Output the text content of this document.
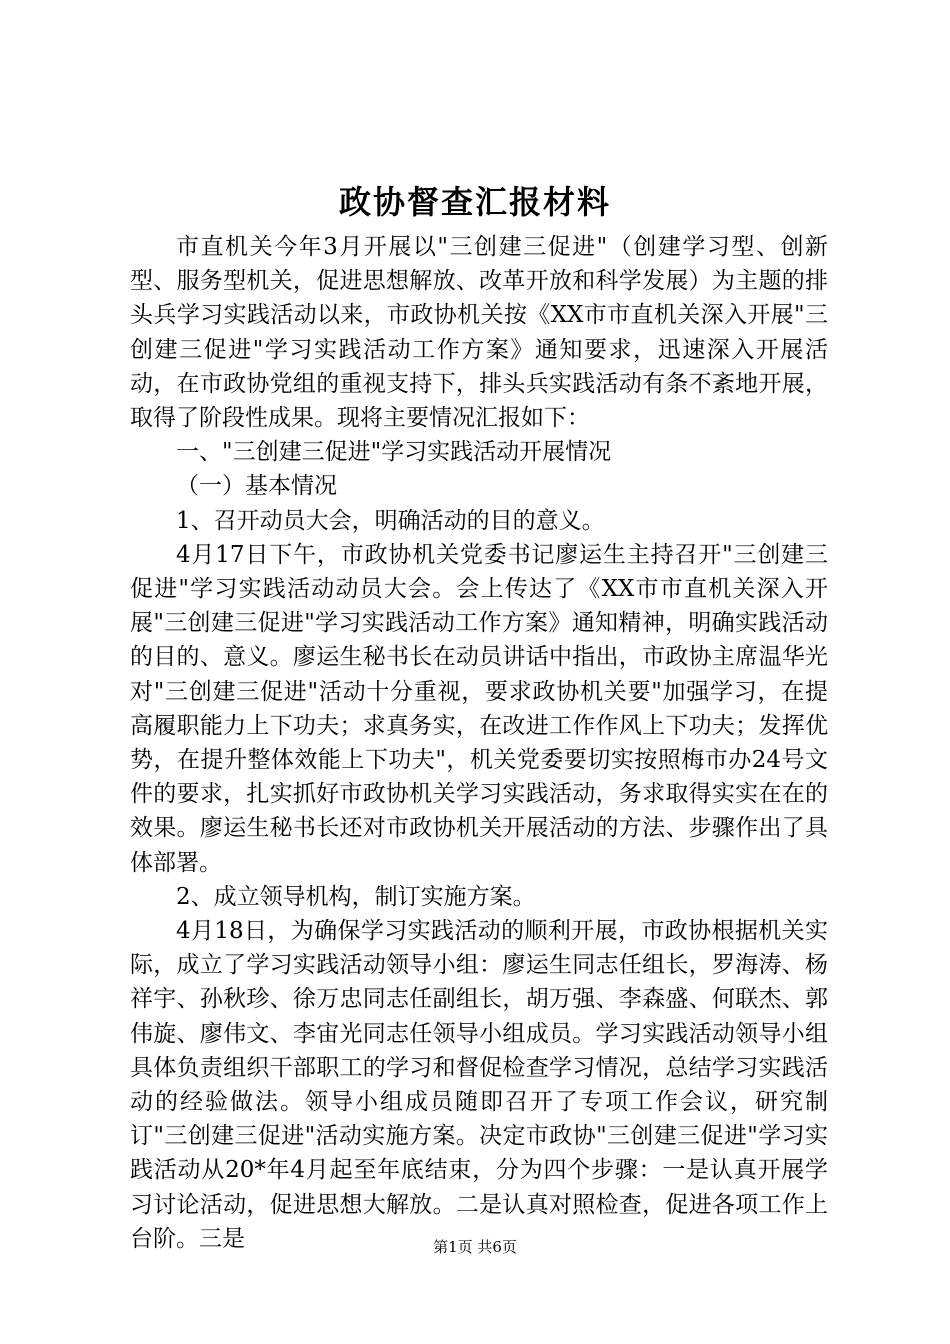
政协督查汇报材料

市直机关今年3月开展以"三创建三促进"（创建学习型、创新型、服务型机关，促进思想解放、改革开放和科学发展）为主题的排头兵学习实践活动以来，市政协机关按《XX市市直机关深入开展"三创建三促进"学习实践活动工作方案》通知要求，迅速深入开展活动，在市政协党组的重视支持下，排头兵实践活动有条不紊地开展，取得了阶段性成果。现将主要情况汇报如下：

一、"三创建三促进"学习实践活动开展情况

（一）基本情况

1、召开动员大会，明确活动的目的意义。

4月17日下午，市政协机关党委书记廖运生主持召开"三创建三促进"学习实践活动动员大会。会上传达了《XX市市直机关深入开展"三创建三促进"学习实践活动工作方案》通知精神，明确实践活动的目的、意义。廖运生秘书长在动员讲话中指出，市政协主席温华光对"三创建三促进"活动十分重视，要求政协机关要"加强学习，在提高履职能力上下功夫；求真务实，在改进工作作风上下功夫；发挥优势，在提升整体效能上下功夫"，机关党委要切实按照梅市办24号文件的要求，扎实抓好市政协机关学习实践活动，务求取得实实在在的效果。廖运生秘书长还对市政协机关开展活动的方法、步骤作出了具体部署。

2、成立领导机构，制订实施方案。

4月18日，为确保学习实践活动的顺利开展，市政协根据机关实际，成立了学习实践活动领导小组：廖运生同志任组长，罗海涛、杨祥宇、孙秋珍、徐万忠同志任副组长，胡万强、李森盛、何联杰、郭伟旋、廖伟文、李宙光同志任领导小组成员。学习实践活动领导小组具体负责组织干部职工的学习和督促检查学习情况，总结学习实践活动的经验做法。领导小组成员随即召开了专项工作会议，研究制订"三创建三促进"活动实施方案。决定市政协"三创建三促进"学习实践活动从20*年4月起至年底结束，分为四个步骤：一是认真开展学习讨论活动，促进思想大解放。二是认真对照检查，促进各项工作上台阶。三是	第1页 共6页
